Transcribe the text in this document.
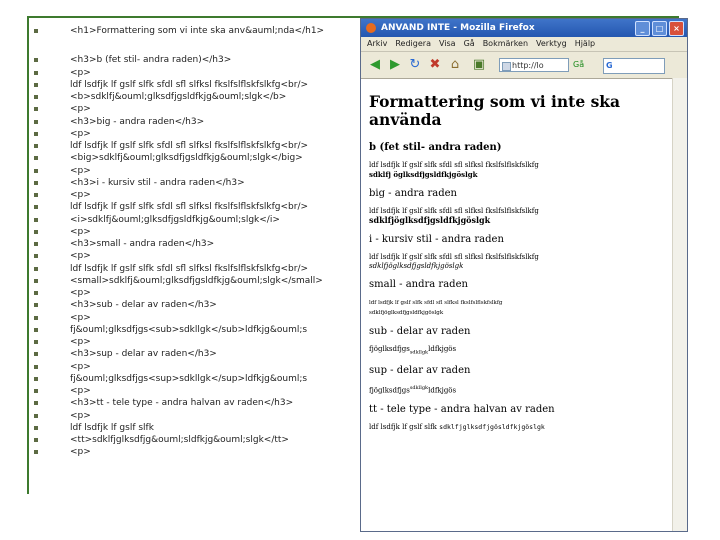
<h1>Formattering som vi inte ska anv&auml;nda</h1>
<h3>b (fet stil- andra raden)</h3>
<p>
ldf lsdfjk lf gslf slfk sfdl sfl slfksl fkslfslflskfslkfg<br/>
<b>sdklfj&ouml;glksdfjgsldfkjg&ouml;slgk</b>
<p>
<h3>big - andra raden</h3>
<p>
ldf lsdfjk lf gslf slfk sfdl sfl slfksl fkslfslflskfslkfg<br/>
<big>sdklfj&ouml;glksdfjgsldfkjg&ouml;slgk</big>
<p>
<h3>i - kursiv stil - andra raden</h3>
<p>
ldf lsdfjk lf gslf slfk sfdl sfl slfksl fkslfslflskfslkfg<br/>
<i>sdklfj&ouml;glksdfjgsldfkjg&ouml;slgk</i>
<p>
<h3>small - andra raden</h3>
<p>
ldf lsdfjk lf gslf slfk sfdl sfl slfksl fkslfslflskfslkfg<br/>
<small>sdklfj&ouml;glksdfjgsldfkjg&ouml;slgk</small>
<p>
<h3>sub - delar av raden</h3>
<p>
fj&ouml;glksdfjgs<sub>sdkllgk</sub>ldfkjg&ouml;s
<p>
<h3>sup - delar av raden</h3>
<p>
fj&ouml;glksdfjgs<sup>sdkllgk</sup>ldfkjg&ouml;s
<p>
<h3>tt - tele type - andra halvan av raden</h3>
<p>
ldf lsdfjk lf gslf slfk
<tt>sdklfjglksdfjg&ouml;sldfkjg&ouml;slgk</tt>
<p>
ANVAND INTE - Mozilla Firefox	_	□	×
Arkiv Redigera Visa Gå Bokmärken Verktyg Hjälp
◀ ▶ ↻ ✖ ⌂ ▣	http://lo	Gå
G
Formattering som vi inte ska använda
b (fet stil- andra raden)
ldf lsdfjk lf gslf slfk sfdl sfl slfksl fkslfslflskfslkfg
sdklfj öglksdfjgsldfkjgöslgk
big - andra raden
ldf lsdfjk lf gslf slfk sfdl sfl slfksl fkslfslflskfslkfg
sdklfjöglksdfjgsldfkjgöslgk
i - kursiv stil - andra raden
ldf lsdfjk lf gslf slfk sfdl sfl slfksl fkslfslflskfslkfg
sdklfjöglksdfjgsldfkjgöslgk
small - andra raden
ldf lsdfjk lf gslf slfk sfdl sfl slfksl fkslfslflskfslkfg
sdklfjöglksdfjgsldfkjgöslgk
sub - delar av raden
fjöglksdfjgs$_{sdkllgk}$ldfkjgös
sup - delar av raden
fjöglksdfjgs$^{sdkllgk}$ldfkjgös
tt - tele type - andra halvan av raden
ldf lsdfjk lf gslf slfk sdklfjglksdfjgösldfkjgöslgk
